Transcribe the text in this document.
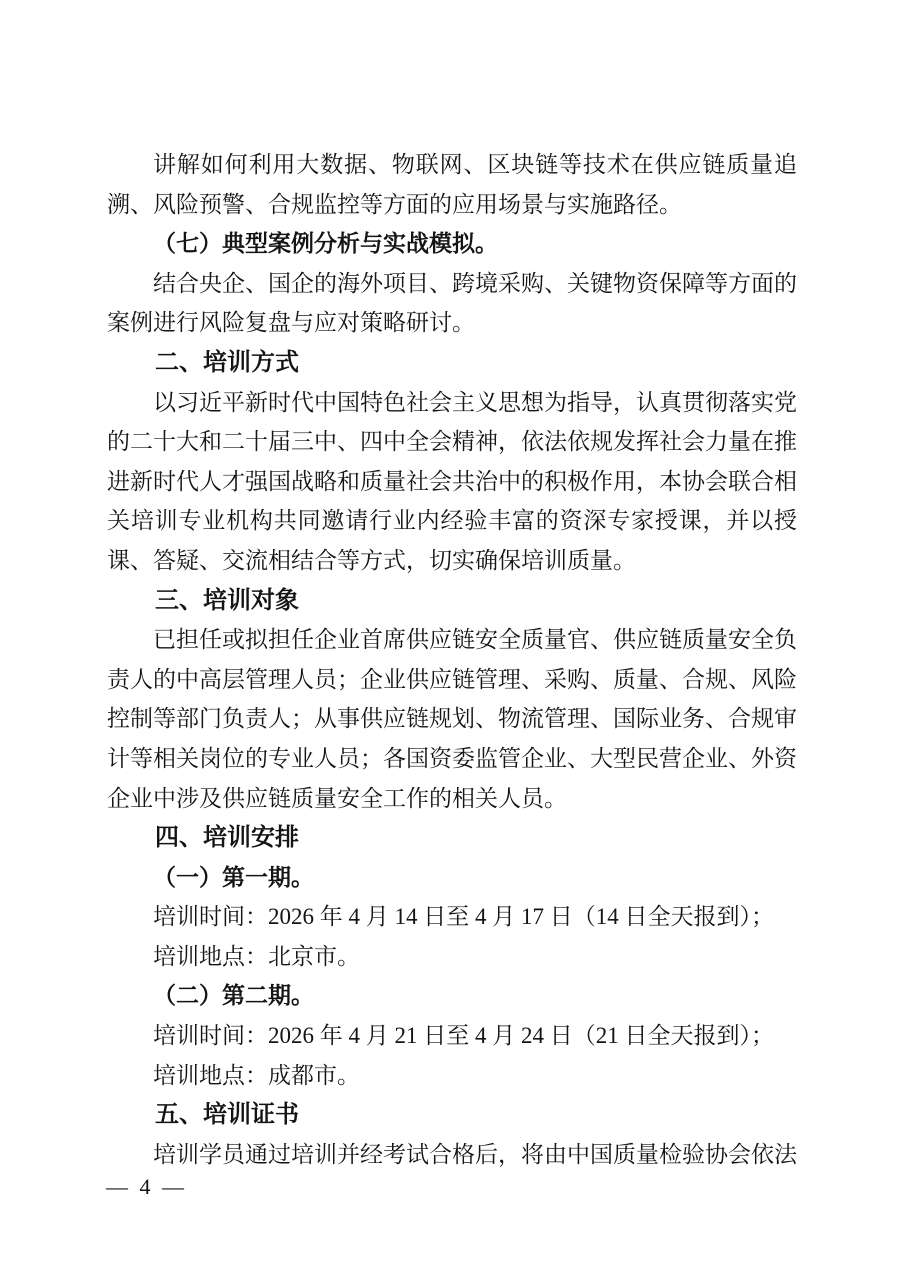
讲解如何利用大数据、物联网、区块链等技术在供应链质量追溯、风险预警、合规监控等方面的应用场景与实施路径。

（七）典型案例分析与实战模拟。

结合央企、国企的海外项目、跨境采购、关键物资保障等方面的案例进行风险复盘与应对策略研讨。

二、培训方式

以习近平新时代中国特色社会主义思想为指导，认真贯彻落实党的二十大和二十届三中、四中全会精神，依法依规发挥社会力量在推进新时代人才强国战略和质量社会共治中的积极作用，本协会联合相关培训专业机构共同邀请行业内经验丰富的资深专家授课，并以授课、答疑、交流相结合等方式，切实确保培训质量。

三、培训对象

已担任或拟担任企业首席供应链安全质量官、供应链质量安全负责人的中高层管理人员；企业供应链管理、采购、质量、合规、风险控制等部门负责人；从事供应链规划、物流管理、国际业务、合规审计等相关岗位的专业人员；各国资委监管企业、大型民营企业、外资企业中涉及供应链质量安全工作的相关人员。

四、培训安排

（一）第一期。

培训时间：2026 年 4 月 14 日至 4 月 17 日（14 日全天报到）；

培训地点：北京市。

（二）第二期。

培训时间：2026 年 4 月 21 日至 4 月 24 日（21 日全天报到）；

培训地点：成都市。

五、培训证书

培训学员通过培训并经考试合格后，将由中国质量检验协会依法

— 4 —
